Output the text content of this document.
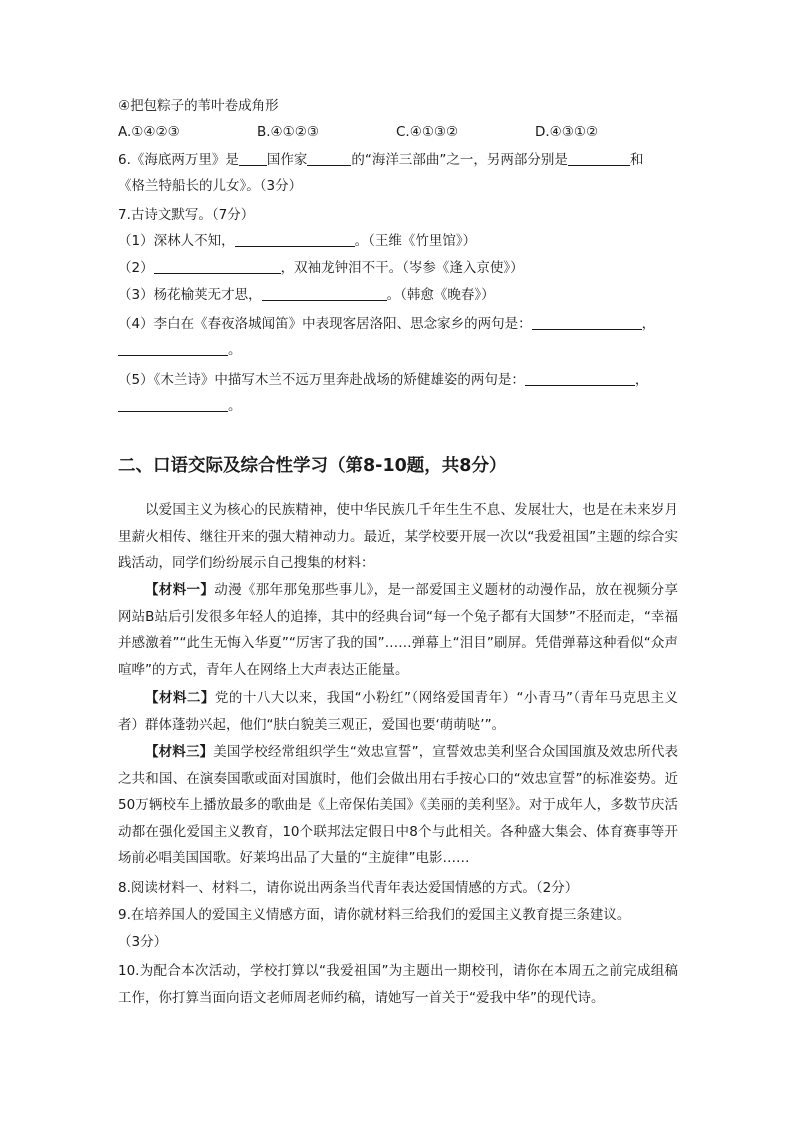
④把包粽子的苇叶卷成角形
A.①④②③	B.④①②③	C.④①③②	D.④③①②
6.《海底两万里》是 国作家	的“海洋三部曲”之一，另两部分别是	和
《格兰特船长的儿女》。（3分）
7.古诗文默写。（7分）
（1）深林人不知，	。（王维《竹里馆》）
（2）	，双袖龙钟泪不干。（岑参《逢入京使》）
（3）杨花榆荚无才思，	。（韩愈《晚春》）
（4）李白在《春夜洛城闻笛》中表现客居洛阳、思念家乡的两句是：	，
。
（5）《木兰诗》中描写木兰不远万里奔赴战场的矫健雄姿的两句是：	，
。
二、口语交际及综合性学习（第8-10题，共8分）
以爱国主义为核心的民族精神，使中华民族几千年生生不息、发展壮大，也是在未来岁月里薪火相传、继往开来的强大精神动力。最近，某学校要开展一次以“我爱祖国”主题的综合实践活动，同学们纷纷展示自己搜集的材料：
【材料一】动漫《那年那兔那些事儿》，是一部爱国主义题材的动漫作品，放在视频分享网站B站后引发很多年轻人的追捧，其中的经典台词“每一个兔子都有大国梦”不胫而走，“幸福并感激着”“此生无悔入华夏”“厉害了我的国”……弹幕上“泪目”刷屏。凭借弹幕这种看似“众声喧哗”的方式，青年人在网络上大声表达正能量。
【材料二】党的十八大以来，我国“小粉红”（网络爱国青年）“小青马”（青年马克思主义者）群体蓬勃兴起，他们“肤白貌美三观正，爱国也要‘萌萌哒’”。
【材料三】美国学校经常组织学生“效忠宣誓”，宣誓效忠美利坚合众国国旗及效忠所代表之共和国、在演奏国歌或面对国旗时，他们会做出用右手按心口的“效忠宣誓”的标准姿势。近50万辆校车上播放最多的歌曲是《上帝保佑美国》《美丽的美利坚》。对于成年人，多数节庆活动都在强化爱国主义教育，10个联邦法定假日中8个与此相关。各种盛大集会、体育赛事等开场前必唱美国国歌。好莱坞出品了大量的“主旋律”电影……
8.阅读材料一、材料二，请你说出两条当代青年表达爱国情感的方式。（2分）
9.在培养国人的爱国主义情感方面，请你就材料三给我们的爱国主义教育提三条建议。
（3分）
10.为配合本次活动，学校打算以“我爱祖国”为主题出一期校刊，请你在本周五之前完成组稿工作，你打算当面向语文老师周老师约稿，请她写一首关于“爱我中华”的现代诗。
